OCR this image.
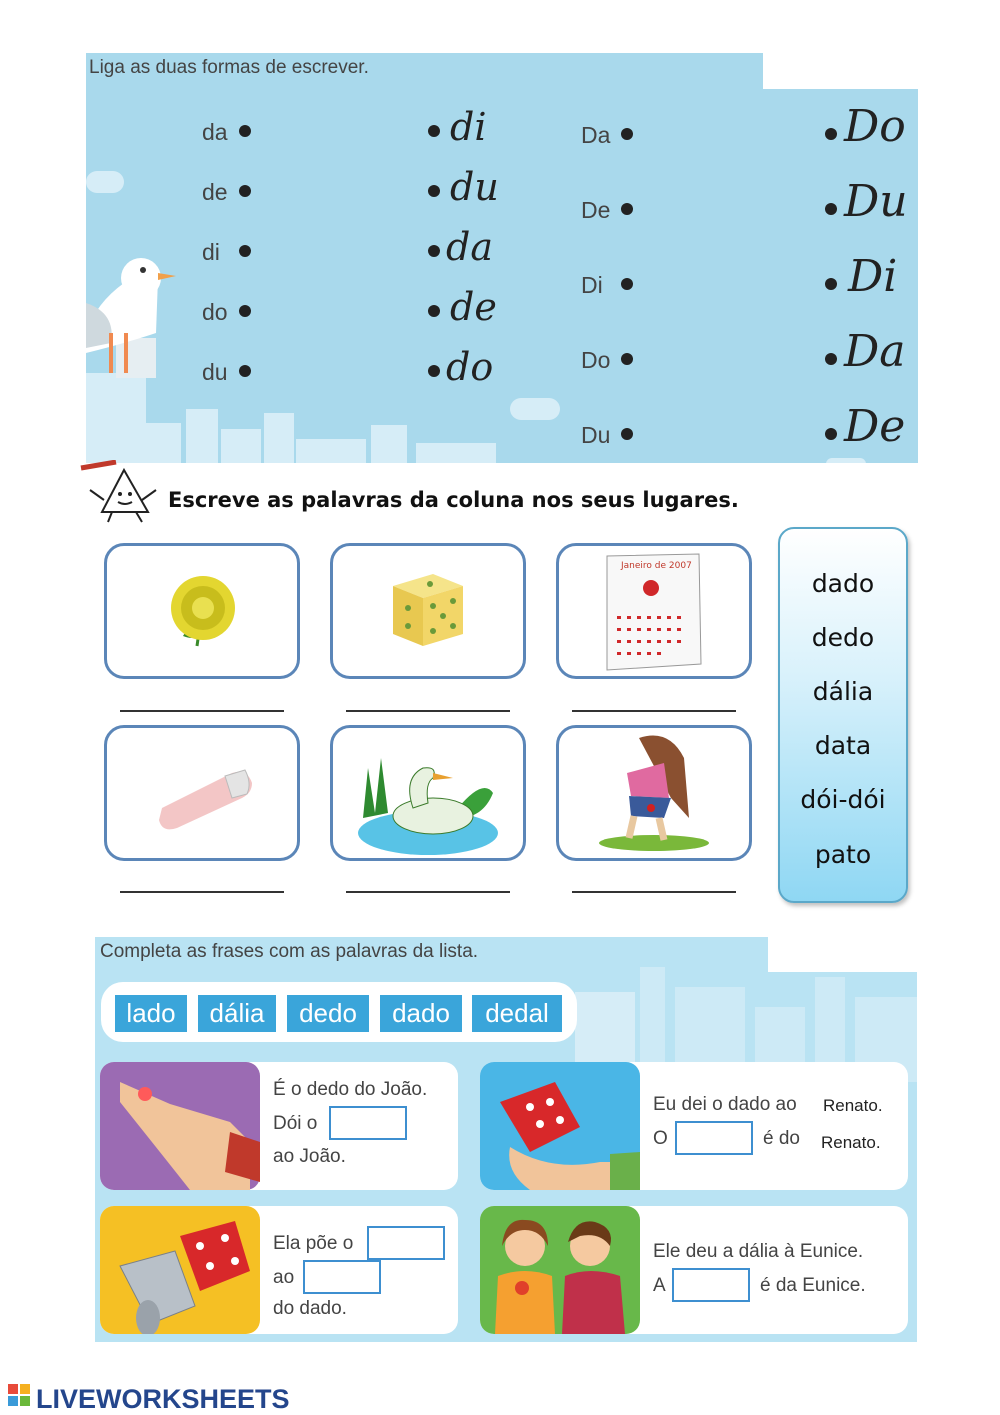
Liga as duas formas de escrever.
da
de
di
do
du
di
du
da
de
do
Da
De
Di
Do
Du
Do
Du
Di
Da
De
Escreve as palavras da coluna nos seus lugares.
Janeiro de 2007
dado
dedo
dália
data
dói-dói
pato
Completa as frases com as palavras da lista.
lado	dália	dedo	dado	dedal
É o dedo do João.
Dói o
ao João.
Eu dei o dado ao Renato.
O	é do Renato.
Ela põe o
ao
do dado.
Ele deu a dália à Eunice.
A	é da Eunice.
LIVEWORKSHEETS
